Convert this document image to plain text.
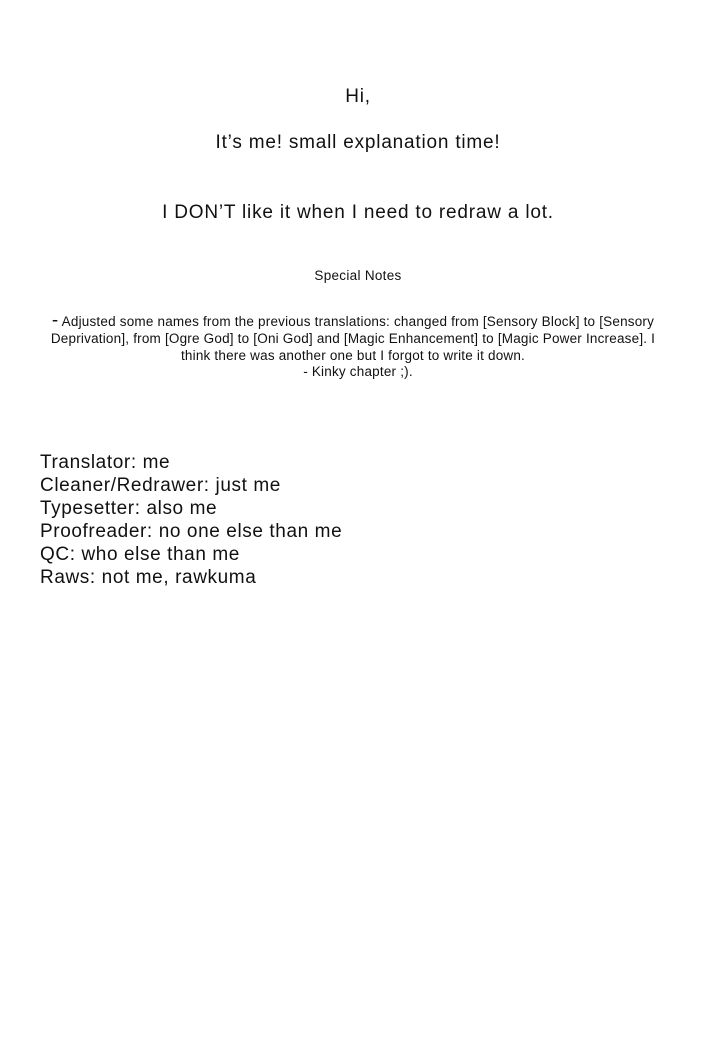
Hi,
It’s me! small explanation time!
I DON’T like it when I need to redraw a lot.
Special Notes
- Adjusted some names from the previous translations: changed from [Sensory Block] to [Sensory Deprivation], from [Ogre God] to [Oni God] and [Magic Enhancement] to [Magic Power Increase]. I think there was another one but I forgot to write it down.
- Kinky chapter ;).
Translator: me
Cleaner/Redrawer: just me
Typesetter: also me
Proofreader: no one else than me
QC: who else than me
Raws: not me, rawkuma
